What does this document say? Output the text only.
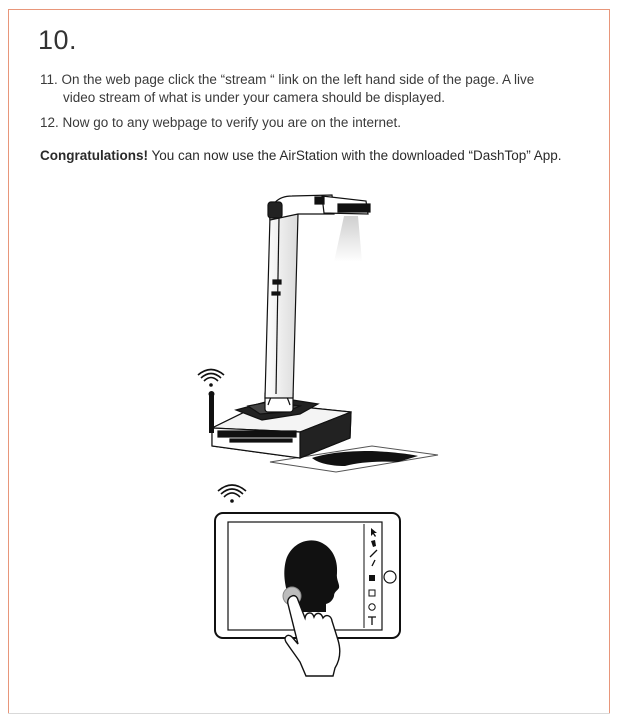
10.
11. On the web page click the “stream “ link on the left hand side of the page. A live
video stream of what is under your camera should be displayed.
12. Now go to any webpage to verify you are on the internet.
Congratulations! You can now use the AirStation with the downloaded “DashTop” App.
